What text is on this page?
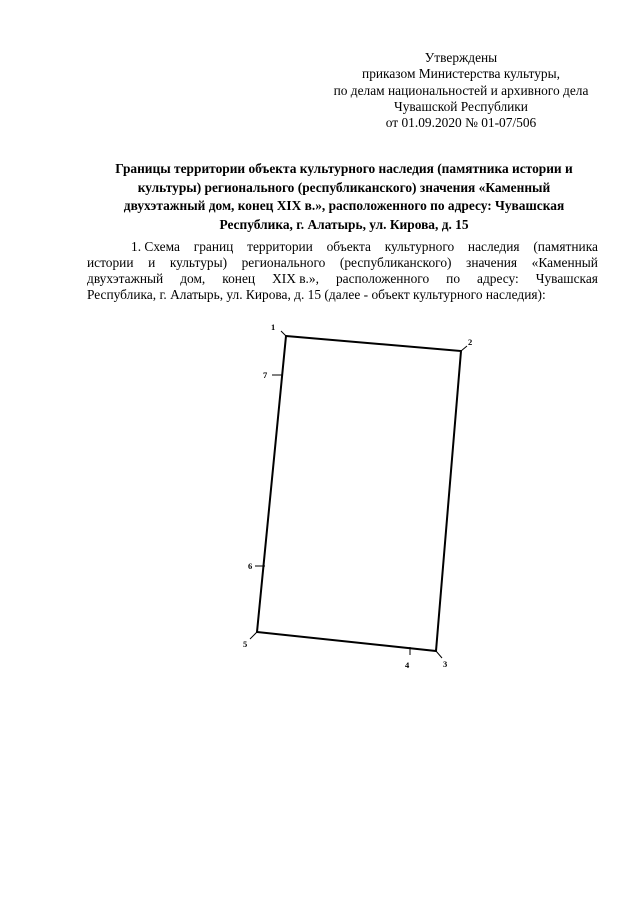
Утверждены
приказом Министерства культуры,
по делам национальностей и архивного дела
Чувашской Республики
от 01.09.2020 № 01-07/506
Границы территории объекта культурного наследия (памятника истории и
культуры) регионального (республиканского) значения «Каменный
двухэтажный дом, конец XIX в.», расположенного по адресу: Чувашская
Республика, г. Алатырь, ул. Кирова, д. 15
1. Схема границ территории объекта культурного наследия (памятника
истории и культуры) регионального (республиканского) значения «Каменный
двухэтажный дом, конец XIX в.», расположенного по адресу: Чувашская
Республика, г. Алатырь, ул. Кирова, д. 15 (далее - объект культурного наследия):
1
2
3
4
5
6
7
